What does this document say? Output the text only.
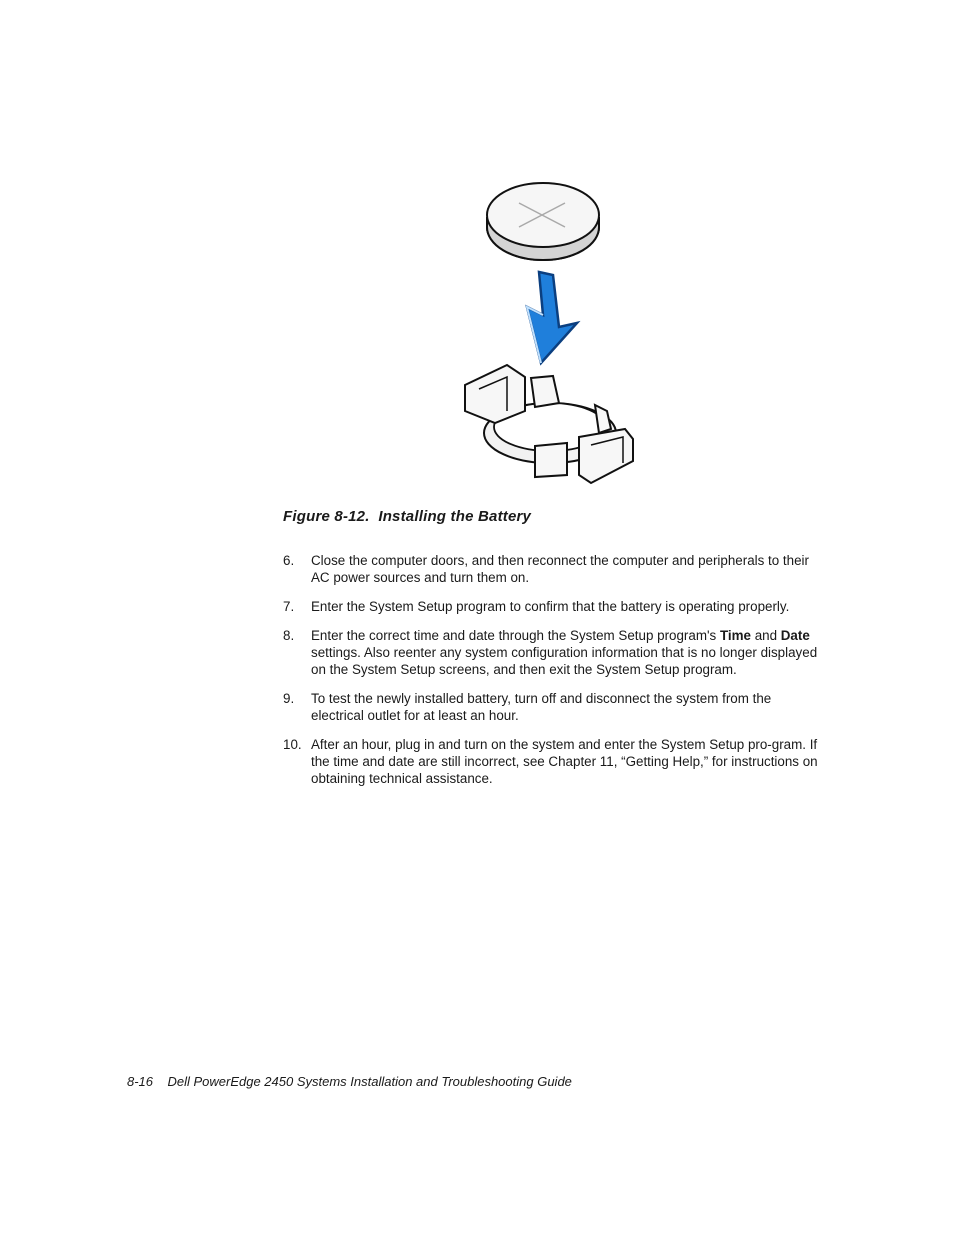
Figure 8-12.  Installing the Battery
6. Close the computer doors, and then reconnect the computer and peripherals to their AC power sources and turn them on.
7. Enter the System Setup program to confirm that the battery is operating properly.
8. Enter the correct time and date through the System Setup program's Time and Date settings. Also reenter any system configuration information that is no longer displayed on the System Setup screens, and then exit the System Setup program.
9. To test the newly installed battery, turn off and disconnect the system from the electrical outlet for at least an hour.
10. After an hour, plug in and turn on the system and enter the System Setup pro-gram. If the time and date are still incorrect, see Chapter 11, “Getting Help,” for instructions on obtaining technical assistance.
8-16    Dell PowerEdge 2450 Systems Installation and Troubleshooting Guide
